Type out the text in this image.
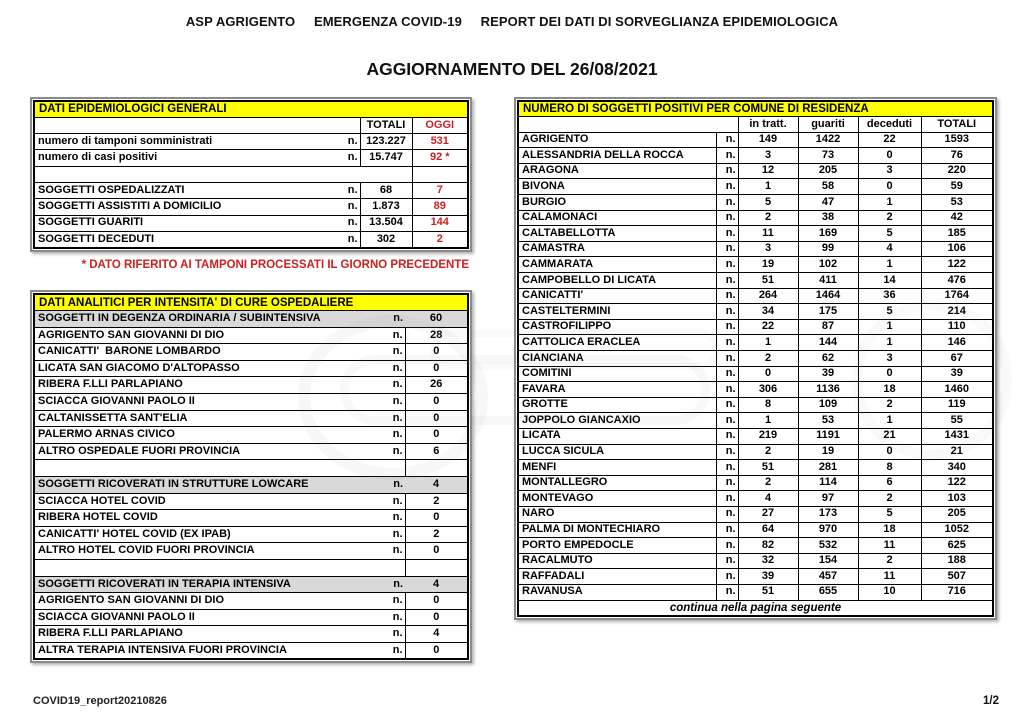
ASP AGRIGENTO EMERGENZA COVID-19 REPORT DEI DATI DI SORVEGLIANZA EPIDEMIOLOGICA
AGGIORNAMENTO DEL 26/08/2021
DATI EPIDEMIOLOGICI GENERALI			
		TOTALI	OGGI
numero di tamponi somministrati	n.	123.227	531
numero di casi positivi	n.	15.747	92 *

SOGGETTI OSPEDALIZZATI	n.	68	7
SOGGETTI ASSISTITI A DOMICILIO	n.	1.873	89
SOGGETTI GUARITI	n.	13.504	144
SOGGETTI DECEDUTI	n.	302	2
* DATO RIFERITO AI TAMPONI PROCESSATI IL GIORNO PRECEDENTE
DATI ANALITICI PER INTENSITA' DI CURE OSPEDALIERE		
SOGGETTI IN DEGENZA ORDINARIA / SUBINTENSIVA	n.	60
AGRIGENTO SAN GIOVANNI DI DIO	n.	28
CANICATTI'  BARONE LOMBARDO	n.	0
LICATA SAN GIACOMO D'ALTOPASSO	n.	0
RIBERA F.LLI PARLAPIANO	n.	26
SCIACCA GIOVANNI PAOLO II	n.	0
CALTANISSETTA SANT'ELIA	n.	0
PALERMO ARNAS CIVICO	n.	0
ALTRO OSPEDALE FUORI PROVINCIA	n.	6

SOGGETTI RICOVERATI IN STRUTTURE LOWCARE	n.	4
SCIACCA HOTEL COVID	n.	2
RIBERA HOTEL COVID	n.	0
CANICATTI' HOTEL COVID (EX IPAB)	n.	2
ALTRO HOTEL COVID FUORI PROVINCIA	n.	0

SOGGETTI RICOVERATI IN TERAPIA INTENSIVA	n.	4
AGRIGENTO SAN GIOVANNI DI DIO	n.	0
SCIACCA GIOVANNI PAOLO II	n.	0
RIBERA F.LLI PARLAPIANO	n.	4
ALTRA TERAPIA INTENSIVA FUORI PROVINCIA	n.	0
NUMERO DI SOGGETTI POSITIVI PER COMUNE DI RESIDENZA					
		in tratt.	guariti	deceduti	TOTALI
AGRIGENTO	n.	149	1422	22	1593
ALESSANDRIA DELLA ROCCA	n.	3	73	0	76
ARAGONA	n.	12	205	3	220
BIVONA	n.	1	58	0	59
BURGIO	n.	5	47	1	53
CALAMONACI	n.	2	38	2	42
CALTABELLOTTA	n.	11	169	5	185
CAMASTRA	n.	3	99	4	106
CAMMARATA	n.	19	102	1	122
CAMPOBELLO DI LICATA	n.	51	411	14	476
CANICATTI'	n.	264	1464	36	1764
CASTELTERMINI	n.	34	175	5	214
CASTROFILIPPO	n.	22	87	1	110
CATTOLICA ERACLEA	n.	1	144	1	146
CIANCIANA	n.	2	62	3	67
COMITINI	n.	0	39	0	39
FAVARA	n.	306	1136	18	1460
GROTTE	n.	8	109	2	119
JOPPOLO GIANCAXIO	n.	1	53	1	55
LICATA	n.	219	1191	21	1431
LUCCA SICULA	n.	2	19	0	21
MENFI	n.	51	281	8	340
MONTALLEGRO	n.	2	114	6	122
MONTEVAGO	n.	4	97	2	103
NARO	n.	27	173	5	205
PALMA DI MONTECHIARO	n.	64	970	18	1052
PORTO EMPEDOCLE	n.	82	532	11	625
RACALMUTO	n.	32	154	2	188
RAFFADALI	n.	39	457	11	507
RAVANUSA	n.	51	655	10	716
continua nella pagina seguente					
COVID19_report20210826	1/2
